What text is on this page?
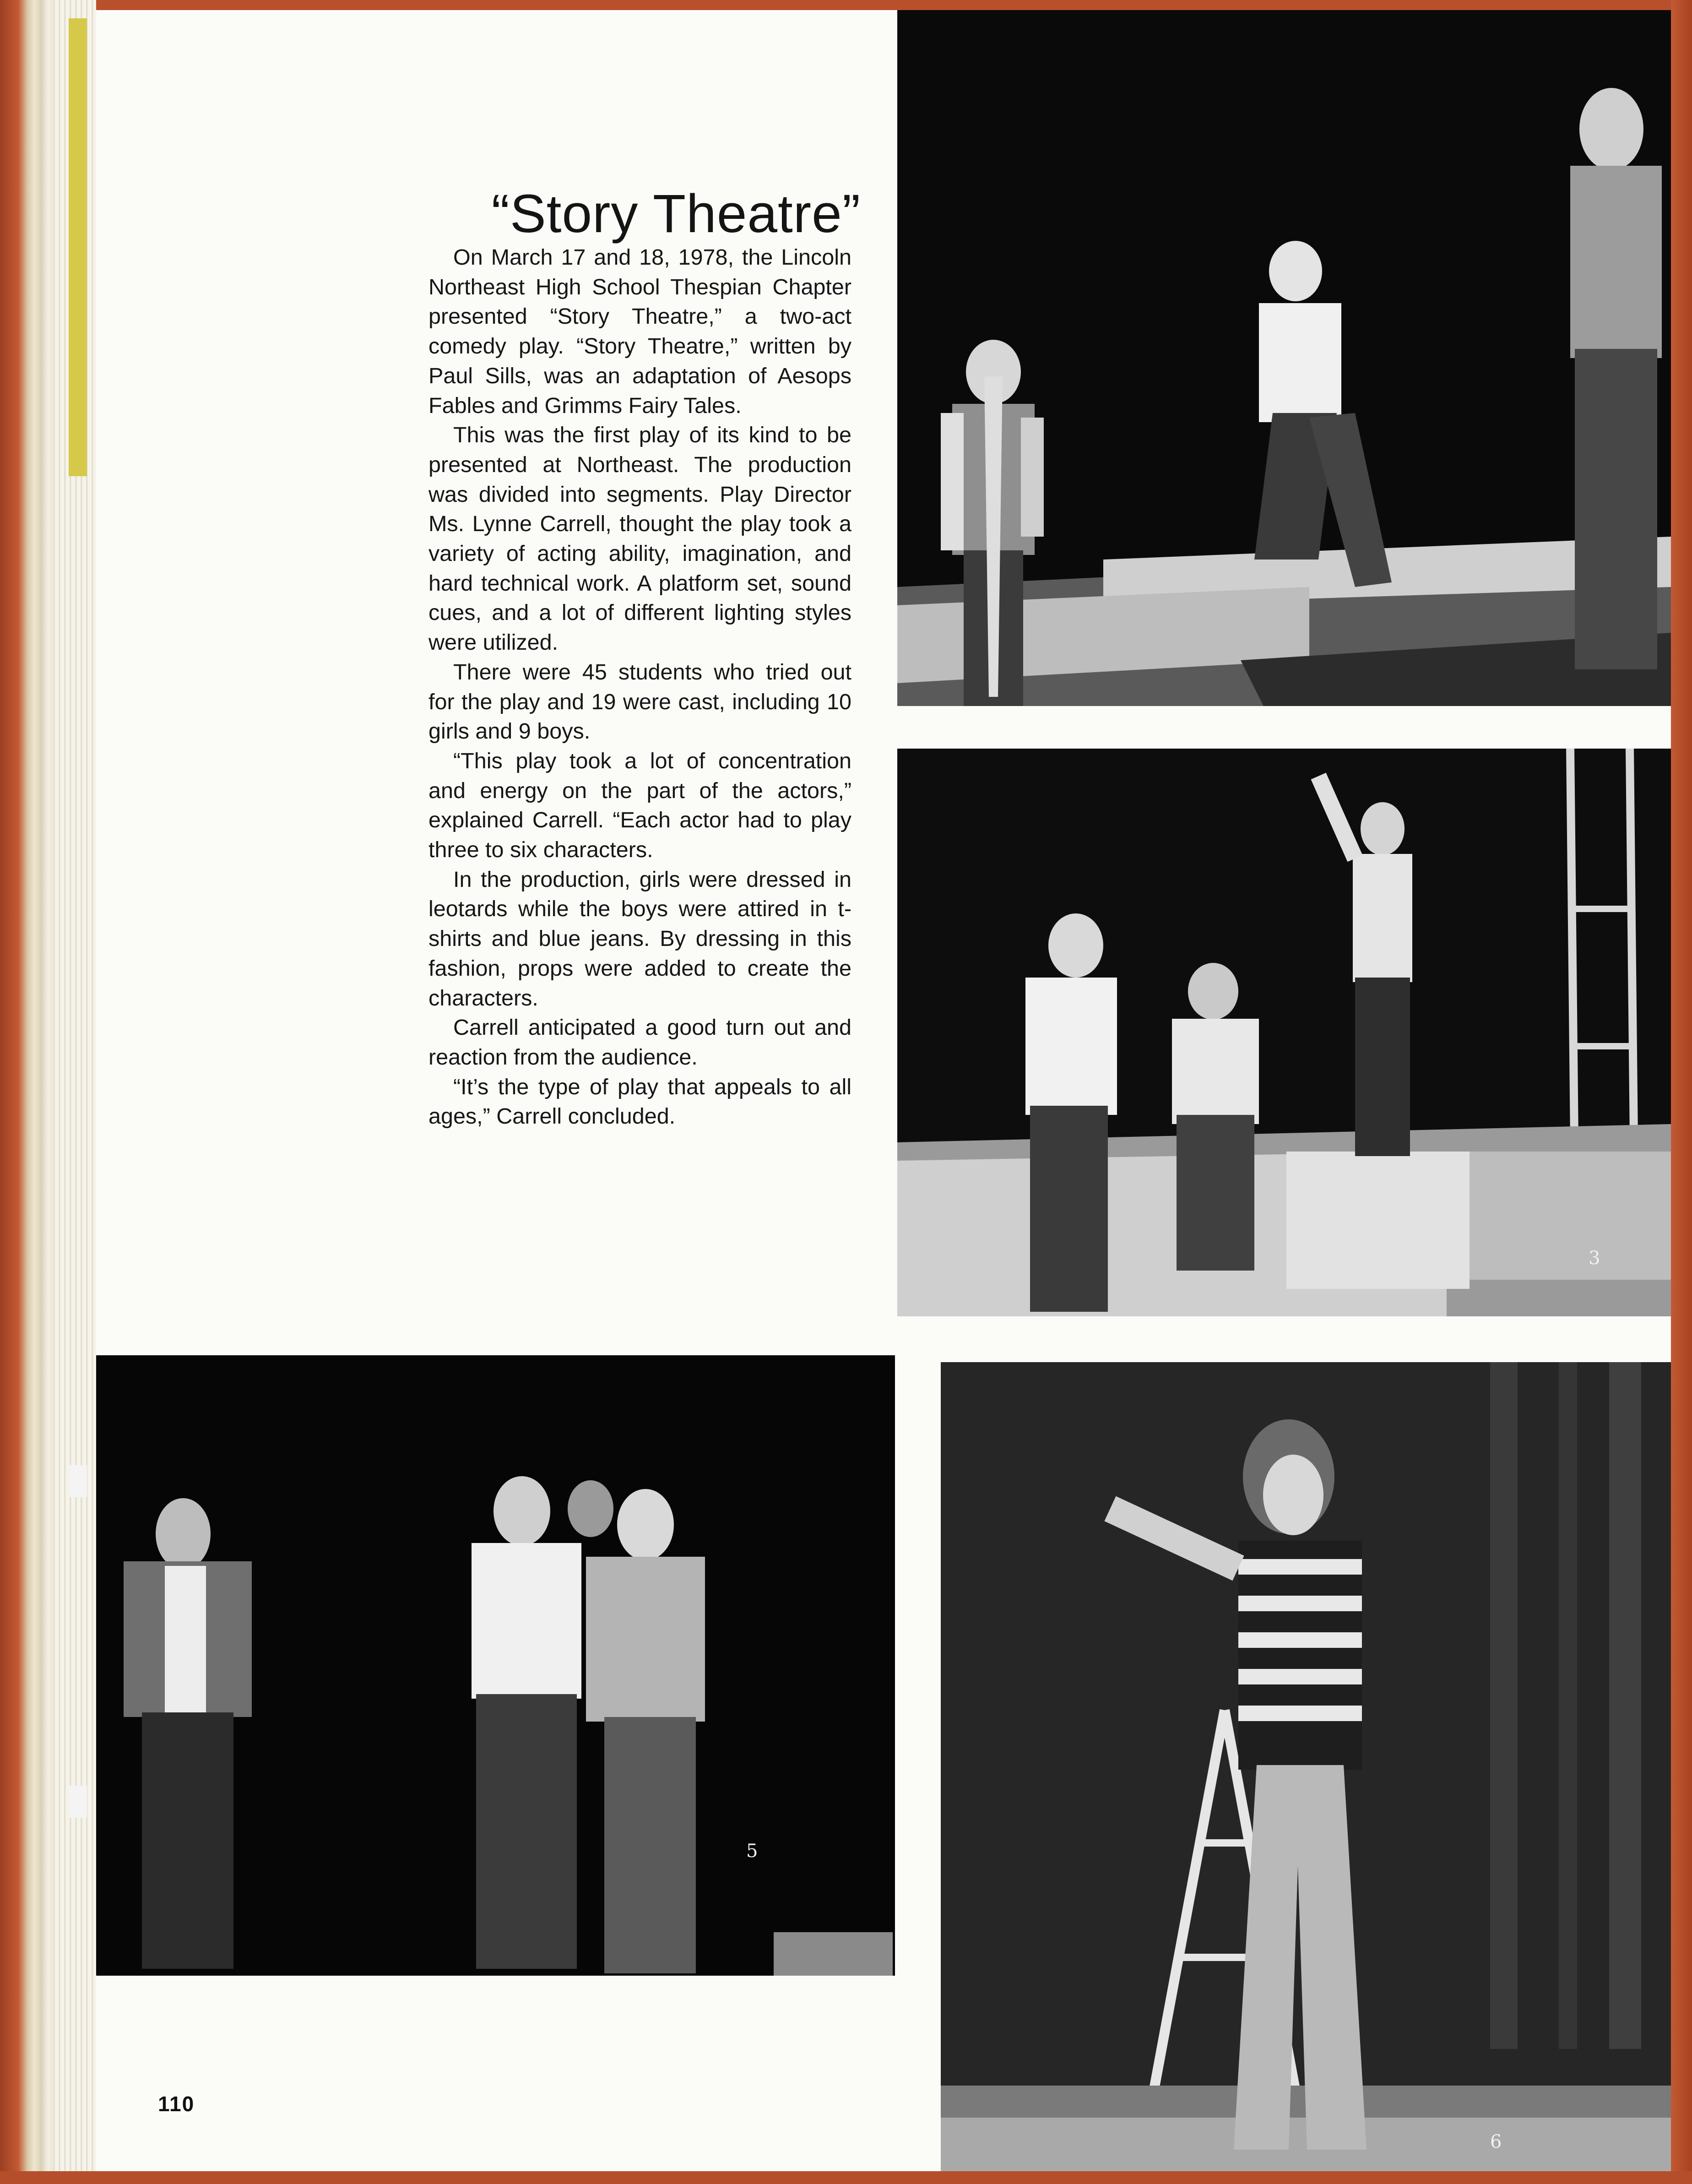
“Story Theatre”

On March 17 and 18, 1978, the Lincoln Northeast High School Thespian Chapter presented “Story Theatre,” a two-act comedy play. “Story Theatre,” written by Paul Sills, was an adaptation of Aesops Fables and Grimms Fairy Tales.

This was the first play of its kind to be presented at Northeast. The production was divided into segments. Play Director Ms. Lynne Carrell, thought the play took a variety of acting ability, imagination, and hard technical work. A platform set, sound cues, and a lot of different lighting styles were utilized.

There were 45 students who tried out for the play and 19 were cast, including 10 girls and 9 boys.

“This play took a lot of concentration and energy on the part of the actors,” explained Carrell. “Each actor had to play three to six characters.

In the production, girls were dressed in leotards while the boys were attired in t-shirts and blue jeans. By dressing in this fashion, props were added to create the characters.

Carrell anticipated a good turn out and reaction from the audience.

“It’s the type of play that appeals to all ages,” Carrell concluded.

3
5
6
110
